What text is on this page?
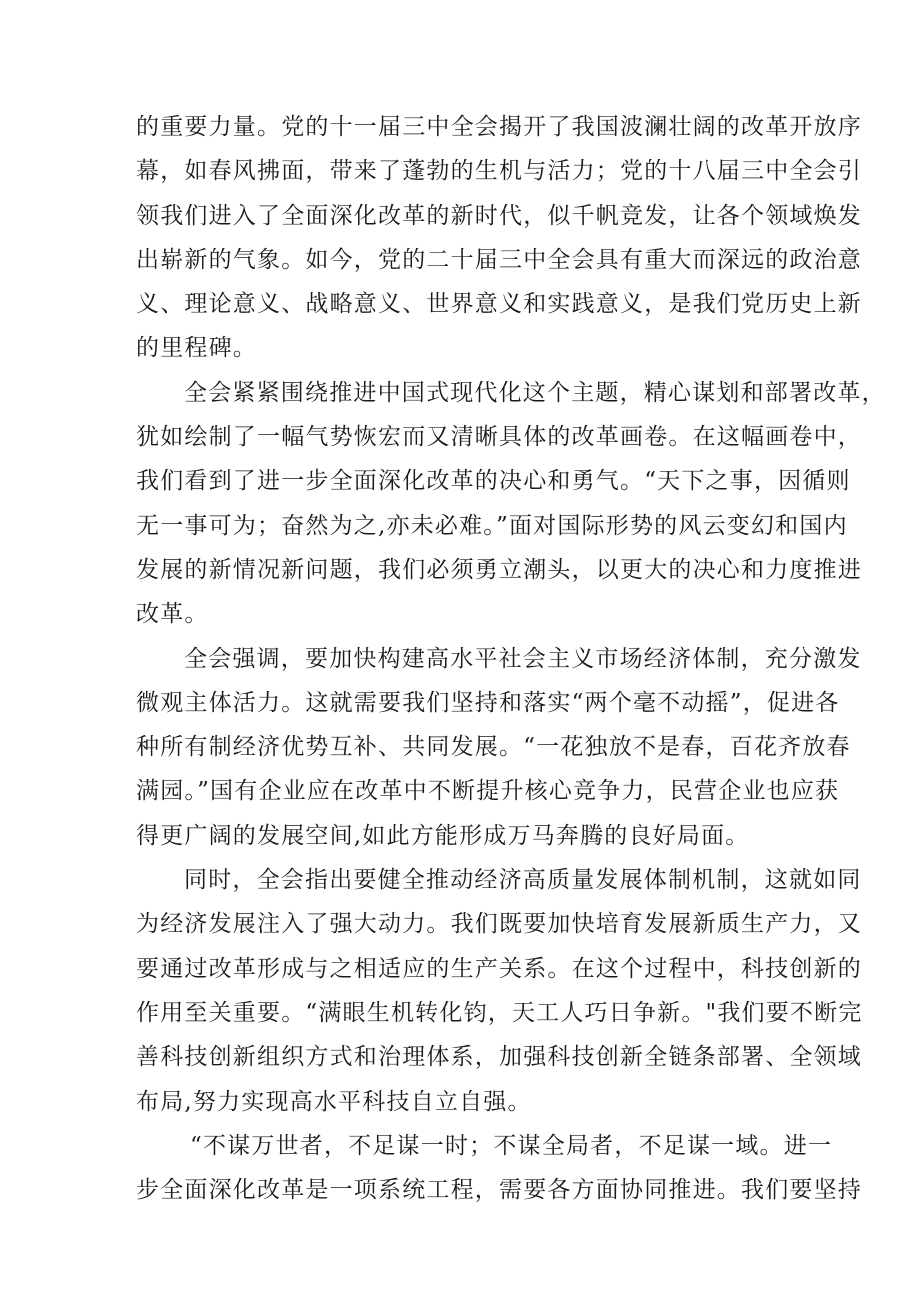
的重要力量。党的十一届三中全会揭开了我国波澜壮阔的改革开放序
幕，如春风拂面，带来了蓬勃的生机与活力；党的十八届三中全会引
领我们进入了全面深化改革的新时代，似千帆竞发，让各个领域焕发
出崭新的气象。如今，党的二十届三中全会具有重大而深远的政治意
义、理论意义、战略意义、世界意义和实践意义，是我们党历史上新
的里程碑。

全会紧紧围绕推进中国式现代化这个主题，精心谋划和部署改革，
犹如绘制了一幅气势恢宏而又清晰具体的改革画卷。在这幅画卷中，
我们看到了进一步全面深化改革的决心和勇气。“天下之事，因循则
无一事可为；奋然为之,亦未必难。”面对国际形势的风云变幻和国内
发展的新情况新问题，我们必须勇立潮头，以更大的决心和力度推进
改革。

全会强调，要加快构建高水平社会主义市场经济体制，充分激发
微观主体活力。这就需要我们坚持和落实“两个毫不动摇”，促进各
种所有制经济优势互补、共同发展。“一花独放不是春，百花齐放春
满园。”国有企业应在改革中不断提升核心竞争力，民营企业也应获
得更广阔的发展空间,如此方能形成万马奔腾的良好局面。

同时，全会指出要健全推动经济高质量发展体制机制，这就如同
为经济发展注入了强大动力。我们既要加快培育发展新质生产力，又
要通过改革形成与之相适应的生产关系。在这个过程中，科技创新的
作用至关重要。“满眼生机转化钧，天工人巧日争新。"我们要不断完
善科技创新组织方式和治理体系，加强科技创新全链条部署、全领域
布局,努力实现高水平科技自立自强。

“不谋万世者，不足谋一时；不谋全局者，不足谋一域。进一
步全面深化改革是一项系统工程，需要各方面协同推进。我们要坚持
